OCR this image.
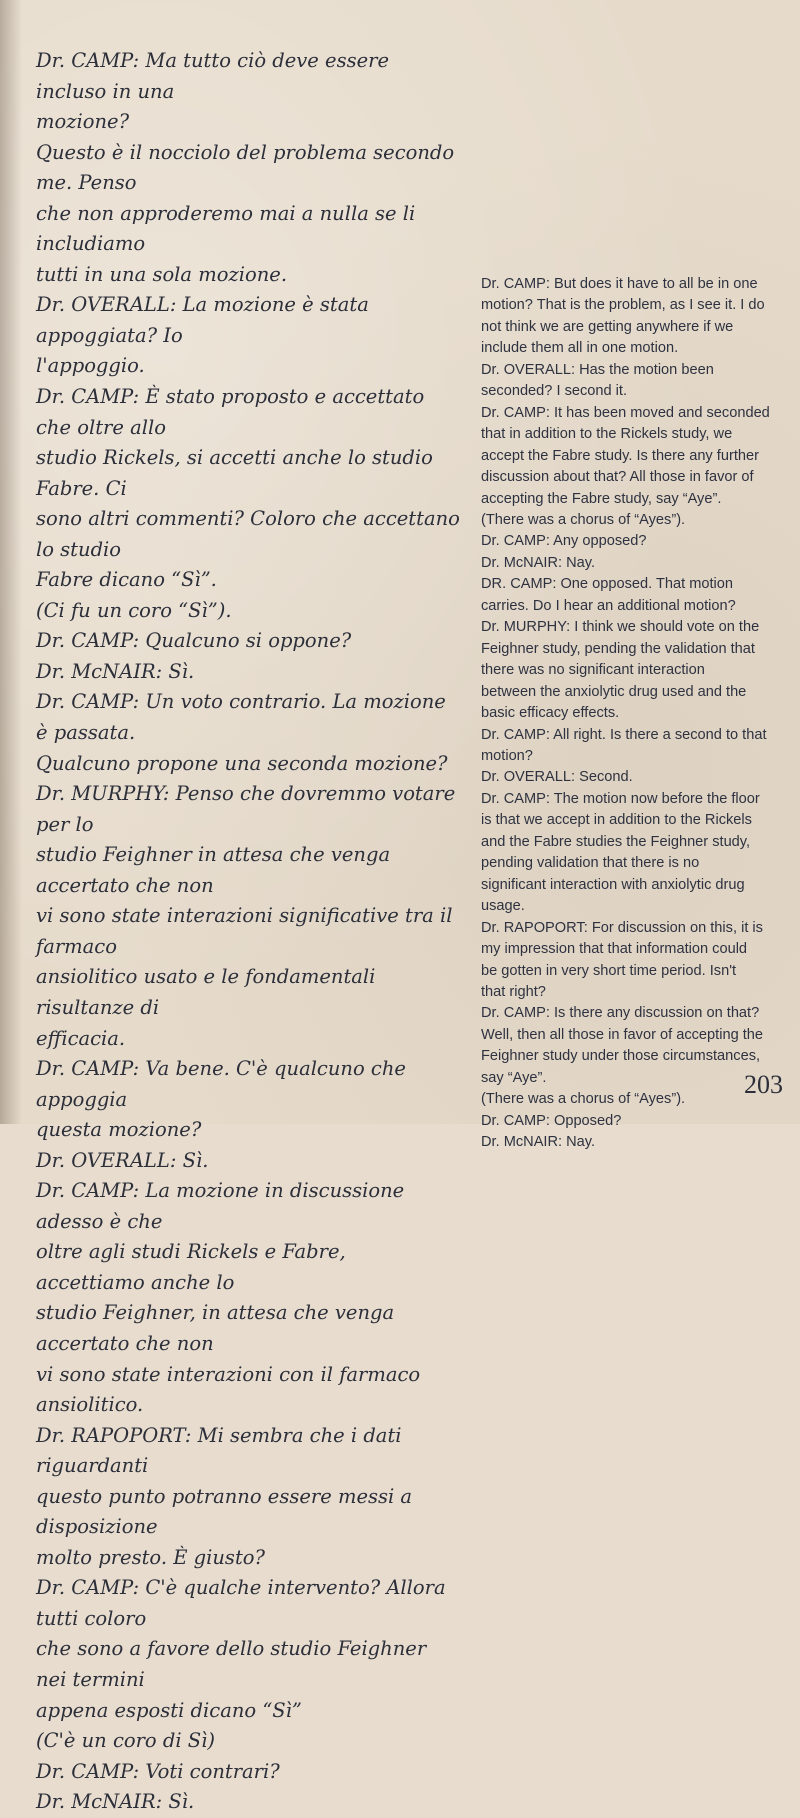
Dr. CAMP: Ma tutto ciò deve essere incluso in una
mozione?

Questo è il nocciolo del problema secondo me. Penso
che non approderemo mai a nulla se li includiamo
tutti in una sola mozione.

Dr. OVERALL: La mozione è stata appoggiata? Io
l'appoggio.

Dr. CAMP: È stato proposto e accettato che oltre allo
studio Rickels, si accetti anche lo studio Fabre. Ci
sono altri commenti? Coloro che accettano lo studio
Fabre dicano “Sì”.

(Ci fu un coro “Sì”).

Dr. CAMP: Qualcuno si oppone?

Dr. McNAIR: Sì.

Dr. CAMP: Un voto contrario. La mozione è passata.
Qualcuno propone una seconda mozione?

Dr. MURPHY: Penso che dovremmo votare per lo
studio Feighner in attesa che venga accertato che non
vi sono state interazioni significative tra il farmaco
ansiolitico usato e le fondamentali risultanze di
efficacia.

Dr. CAMP: Va bene. C'è qualcuno che appoggia
questa mozione?

Dr. OVERALL: Sì.

Dr. CAMP: La mozione in discussione adesso è che
oltre agli studi Rickels e Fabre, accettiamo anche lo
studio Feighner, in attesa che venga accertato che non
vi sono state interazioni con il farmaco ansiolitico.

Dr. RAPOPORT: Mi sembra che i dati riguardanti
questo punto potranno essere messi a disposizione
molto presto. È giusto?

Dr. CAMP: C'è qualche intervento? Allora tutti coloro
che sono a favore dello studio Feighner nei termini
appena esposti dicano “Sì”

(C'è un coro di Sì)

Dr. CAMP: Voti contrari?

Dr. McNAIR: Sì.

Dr. CAMP: But does it have to all be in one
motion? That is the problem, as I see it. I do
not think we are getting anywhere if we
include them all in one motion.

Dr. OVERALL: Has the motion been
seconded? I second it.

Dr. CAMP: It has been moved and seconded
that in addition to the Rickels study, we
accept the Fabre study. Is there any further
discussion about that? All those in favor of
accepting the Fabre study, say “Aye”.

(There was a chorus of “Ayes”).

Dr. CAMP: Any opposed?

Dr. McNAIR: Nay.

DR. CAMP: One opposed. That motion
carries. Do I hear an additional motion?

Dr. MURPHY: I think we should vote on the
Feighner study, pending the validation that
there was no significant interaction
between the anxiolytic drug used and the
basic efficacy effects.

Dr. CAMP: All right. Is there a second to that
motion?

Dr. OVERALL: Second.

Dr. CAMP: The motion now before the floor
is that we accept in addition to the Rickels
and the Fabre studies the Feighner study,
pending validation that there is no
significant interaction with anxiolytic drug
usage.

Dr. RAPOPORT: For discussion on this, it is
my impression that that information could
be gotten in very short time period. Isn't
that right?

Dr. CAMP: Is there any discussion on that?
Well, then all those in favor of accepting the
Feighner study under those circumstances,
say “Aye”.

(There was a chorus of “Ayes”).

Dr. CAMP: Opposed?

Dr. McNAIR: Nay.

203
